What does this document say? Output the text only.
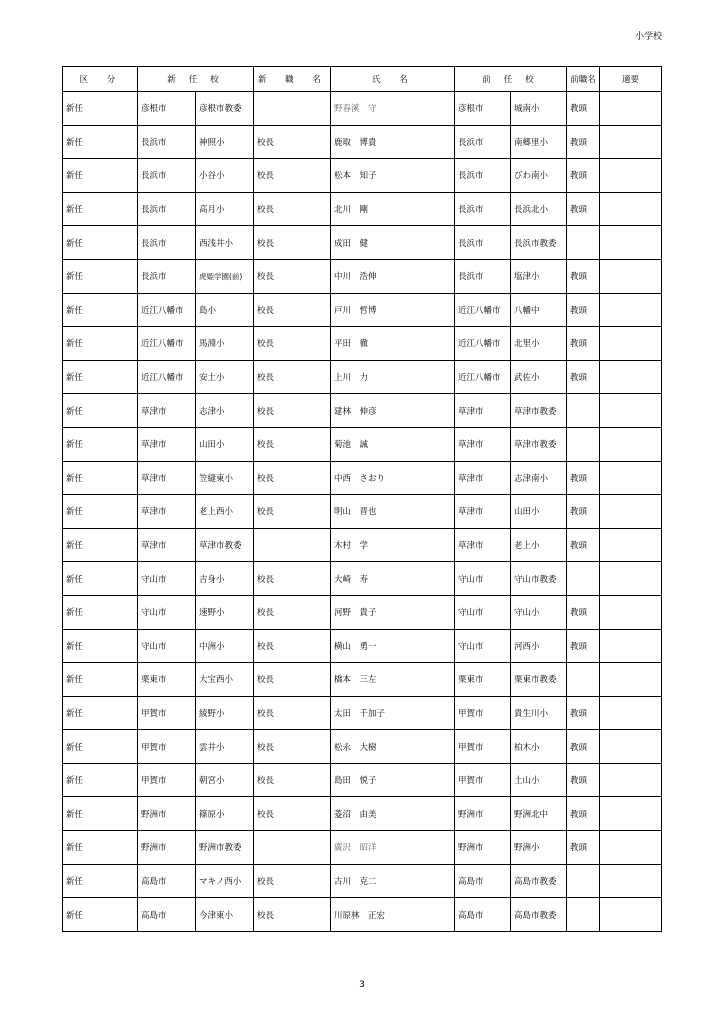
小学校
区　分	新 任 校		新　職　名	氏　名	前 任 校		前職名	適要
新任	彦根市	彦根市教委		野春溪　守	彦根市	城南小	教頭	
新任	長浜市	神照小	校長	鹿取　博貴	長浜市	南郷里小	教頭	
新任	長浜市	小谷小	校長	松本　知子	長浜市	びわ南小	教頭	
新任	長浜市	高月小	校長	北川　剛	長浜市	長浜北小	教頭	
新任	長浜市	西浅井小	校長	成田　健	長浜市	長浜市教委		
新任	長浜市	虎姫学園(前)	校長	中川　浩伸	長浜市	塩津小	教頭	
新任	近江八幡市	島小	校長	戸川　哲博	近江八幡市	八幡中	教頭	
新任	近江八幡市	馬淵小	校長	平田　徹	近江八幡市	北里小	教頭	
新任	近江八幡市	安土小	校長	上川　力	近江八幡市	武佐小	教頭	
新任	草津市	志津小	校長	建林　伸彦	草津市	草津市教委		
新任	草津市	山田小	校長	菊池　誠	草津市	草津市教委		
新任	草津市	笠縫東小	校長	中西　さおり	草津市	志津南小	教頭	
新任	草津市	老上西小	校長	明山　晋也	草津市	山田小	教頭	
新任	草津市	草津市教委		木村　学	草津市	老上小	教頭	
新任	守山市	吉身小	校長	大崎　寿	守山市	守山市教委		
新任	守山市	速野小	校長	河野　貴子	守山市	守山小	教頭	
新任	守山市	中洲小	校長	横山　勇一	守山市	河西小	教頭	
新任	栗東市	大宝西小	校長	橋本　三左	栗東市	栗東市教委		
新任	甲賀市	綾野小	校長	太田　千加子	甲賀市	貴生川小	教頭	
新任	甲賀市	雲井小	校長	松永　大樹	甲賀市	柏木小	教頭	
新任	甲賀市	朝宮小	校長	島田　悦子	甲賀市	土山小	教頭	
新任	野洲市	篠原小	校長	菱沼　由美	野洲市	野洲北中	教頭	
新任	野洲市	野洲市教委		廣沢　昭洋	野洲市	野洲小	教頭	
新任	高島市	マキノ西小	校長	古川　克二	高島市	高島市教委		
新任	高島市	今津東小	校長	川原林　正宏	高島市	高島市教委		
3
